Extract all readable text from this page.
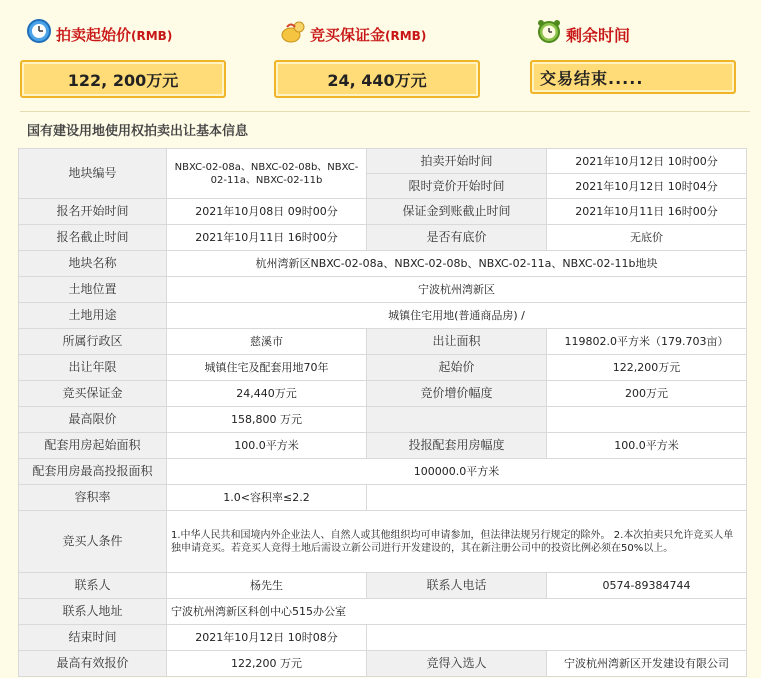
拍卖起始价(RMB)
122, 200万元
竞买保证金(RMB)
24, 440万元
剩余时间
交易结束.....
国有建设用地使用权拍卖出让基本信息
地块编号	NBXC-02-08a、NBXC-02-08b、NBXC-02-11a、NBXC-02-11b	拍卖开始时间	2021年10月12日 10时00分
		限时竞价开始时间	2021年10月12日 10时04分
报名开始时间	2021年10月08日 09时00分	保证金到账截止时间	2021年10月11日 16时00分
报名截止时间	2021年10月11日 16时00分	是否有底价	无底价
地块名称	杭州湾新区NBXC-02-08a、NBXC-02-08b、NBXC-02-11a、NBXC-02-11b地块		
土地位置	宁波杭州湾新区		
土地用途	城镇住宅用地(普通商品房) /		
所属行政区	慈溪市	出让面积	119802.0平方米（179.703亩）
出让年限	城镇住宅及配套用地70年	起始价	122,200万元
竞买保证金	24,440万元	竞价增价幅度	200万元
最高限价	158,800 万元		
配套用房起始面积	100.0平方米	投报配套用房幅度	100.0平方米
配套用房最高投报面积	100000.0平方米		
容积率	1.0<容积率≤2.2		
竞买人条件	1.中华人民共和国境内外企业法人、自然人或其他组织均可申请参加，但法律法规另行规定的除外。 2.本次拍卖只允许竞买人单独申请竞买。若竞买人竞得土地后需设立新公司进行开发建设的，其在新注册公司中的投资比例必须在50%以上。		
联系人	杨先生	联系人电话	0574-89384744
联系人地址	宁波杭州湾新区科创中心515办公室		
结束时间	2021年10月12日 10时08分		
最高有效报价	122,200 万元	竞得入选人	宁波杭州湾新区开发建设有限公司
